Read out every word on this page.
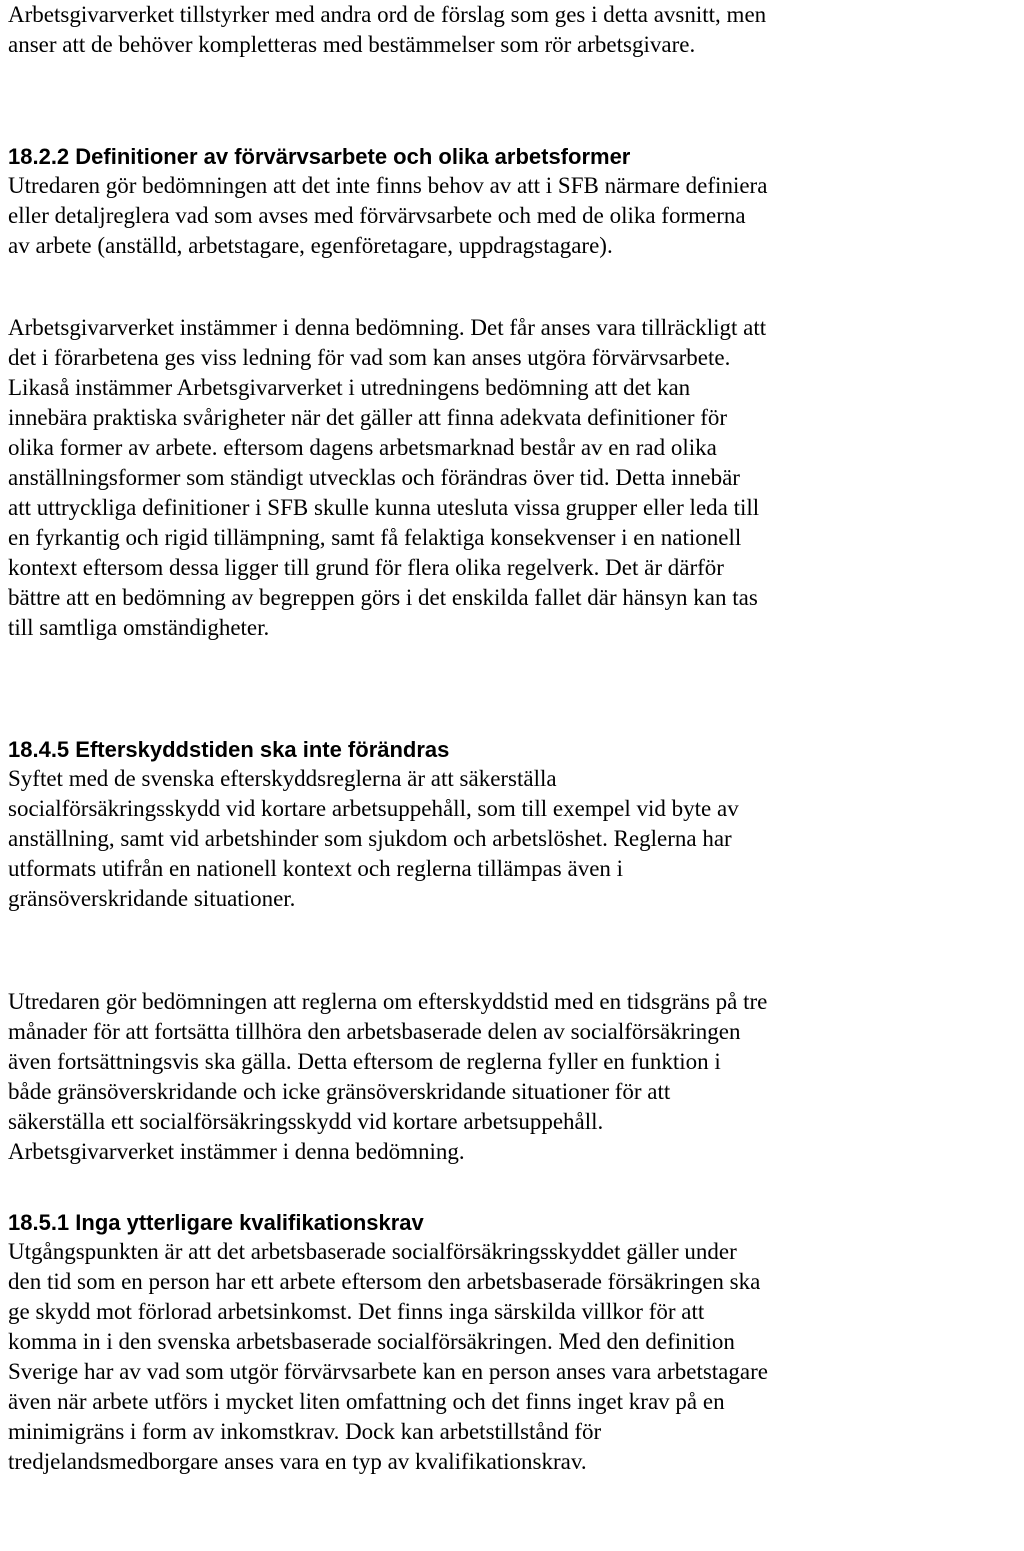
Arbetsgivarverket tillstyrker med andra ord de förslag som ges i detta avsnitt, men
anser att de behöver kompletteras med bestämmelser som rör arbetsgivare.
18.2.2 Definitioner av förvärvsarbete och olika arbetsformer
Utredaren gör bedömningen att det inte finns behov av att i SFB närmare definiera
eller detaljreglera vad som avses med förvärvsarbete och med de olika formerna
av arbete (anställd, arbetstagare, egenföretagare, uppdragstagare).
Arbetsgivarverket instämmer i denna bedömning. Det får anses vara tillräckligt att
det i förarbetena ges viss ledning för vad som kan anses utgöra förvärvsarbete.
Likaså instämmer Arbetsgivarverket i utredningens bedömning att det kan
innebära praktiska svårigheter när det gäller att finna adekvata definitioner för
olika former av arbete. eftersom dagens arbetsmarknad består av en rad olika
anställningsformer som ständigt utvecklas och förändras över tid. Detta innebär
att uttryckliga definitioner i SFB skulle kunna utesluta vissa grupper eller leda till
en fyrkantig och rigid tillämpning, samt få felaktiga konsekvenser i en nationell
kontext eftersom dessa ligger till grund för flera olika regelverk. Det är därför
bättre att en bedömning av begreppen görs i det enskilda fallet där hänsyn kan tas
till samtliga omständigheter.
18.4.5 Efterskyddstiden ska inte förändras
Syftet med de svenska efterskyddsreglerna är att säkerställa
socialförsäkringsskydd vid kortare arbetsuppehåll, som till exempel vid byte av
anställning, samt vid arbetshinder som sjukdom och arbetslöshet. Reglerna har
utformats utifrån en nationell kontext och reglerna tillämpas även i
gränsöverskridande situationer.
Utredaren gör bedömningen att reglerna om efterskyddstid med en tidsgräns på tre
månader för att fortsätta tillhöra den arbetsbaserade delen av socialförsäkringen
även fortsättningsvis ska gälla. Detta eftersom de reglerna fyller en funktion i
både gränsöverskridande och icke gränsöverskridande situationer för att
säkerställa ett socialförsäkringsskydd vid kortare arbetsuppehåll.
Arbetsgivarverket instämmer i denna bedömning.
18.5.1 Inga ytterligare kvalifikationskrav
Utgångspunkten är att det arbetsbaserade socialförsäkringsskyddet gäller under
den tid som en person har ett arbete eftersom den arbetsbaserade försäkringen ska
ge skydd mot förlorad arbetsinkomst. Det finns inga särskilda villkor för att
komma in i den svenska arbetsbaserade socialförsäkringen. Med den definition
Sverige har av vad som utgör förvärvsarbete kan en person anses vara arbetstagare
även när arbete utförs i mycket liten omfattning och det finns inget krav på en
minimigräns i form av inkomstkrav. Dock kan arbetstillstånd för
tredjelandsmedborgare anses vara en typ av kvalifikationskrav.
